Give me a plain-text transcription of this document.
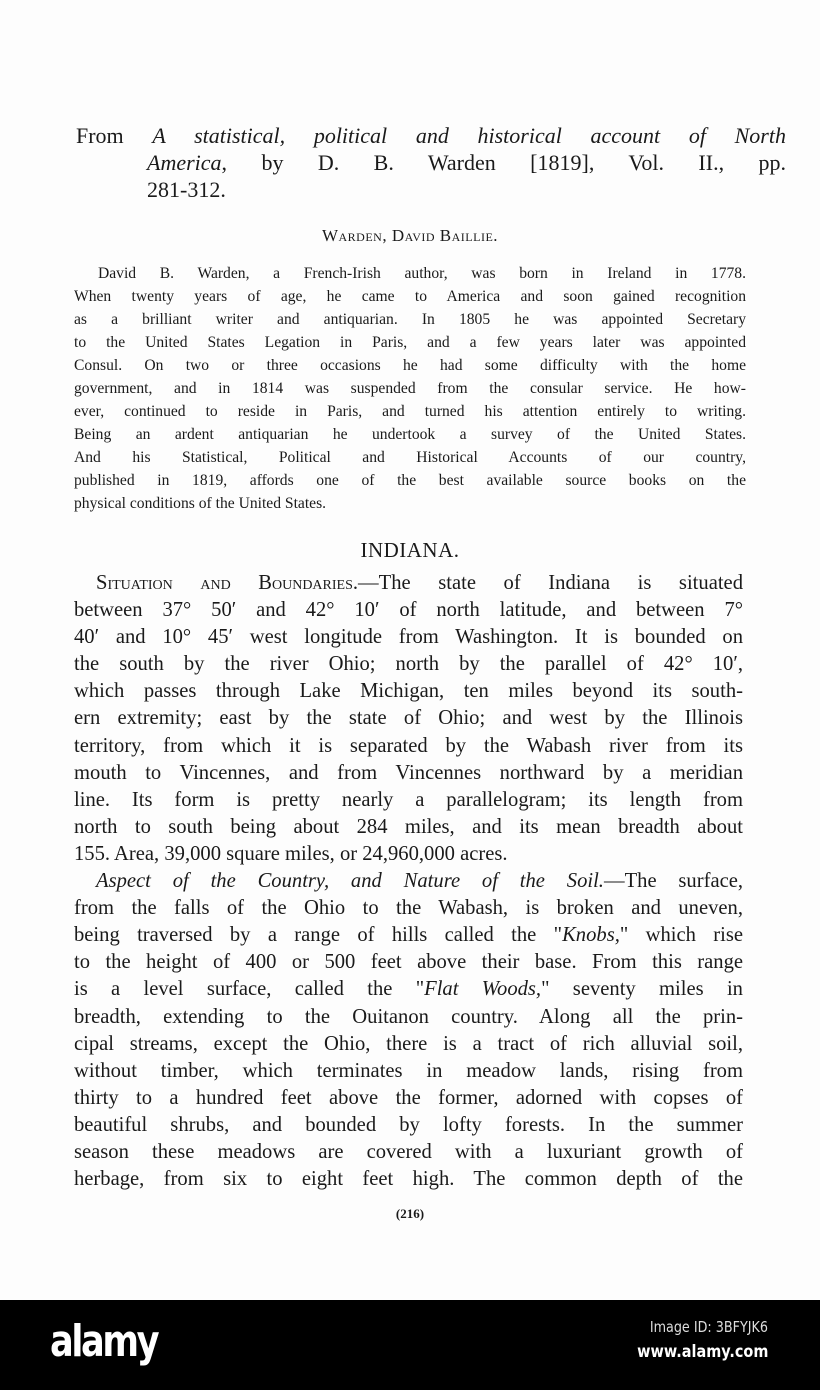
From A statistical, political and historical account of North
America, by D. B. Warden [1819], Vol. II., pp.
281-312.
Warden, David Baillie.
David B. Warden, a French-Irish author, was born in Ireland in 1778.
When twenty years of age, he came to America and soon gained recognition
as a brilliant writer and antiquarian. In 1805 he was appointed Secretary
to the United States Legation in Paris, and a few years later was appointed
Consul. On two or three occasions he had some difficulty with the home
government, and in 1814 was suspended from the consular service. He how-
ever, continued to reside in Paris, and turned his attention entirely to writing.
Being an ardent antiquarian he undertook a survey of the United States.
And his Statistical, Political and Historical Accounts of our country,
published in 1819, affords one of the best available source books on the
physical conditions of the United States.
INDIANA.
Situation and Boundaries.—The state of Indiana is situated
between 37° 50′ and 42° 10′ of north latitude, and between 7°
40′ and 10° 45′ west longitude from Washington. It is bounded on
the south by the river Ohio; north by the parallel of 42° 10′,
which passes through Lake Michigan, ten miles beyond its south-
ern extremity; east by the state of Ohio; and west by the Illinois
territory, from which it is separated by the Wabash river from its
mouth to Vincennes, and from Vincennes northward by a meridian
line. Its form is pretty nearly a parallelogram; its length from
north to south being about 284 miles, and its mean breadth about
155. Area, 39,000 square miles, or 24,960,000 acres.
Aspect of the Country, and Nature of the Soil.—The surface,
from the falls of the Ohio to the Wabash, is broken and uneven,
being traversed by a range of hills called the "Knobs," which rise
to the height of 400 or 500 feet above their base. From this range
is a level surface, called the "Flat Woods," seventy miles in
breadth, extending to the Ouitanon country. Along all the prin-
cipal streams, except the Ohio, there is a tract of rich alluvial soil,
without timber, which terminates in meadow lands, rising from
thirty to a hundred feet above the former, adorned with copses of
beautiful shrubs, and bounded by lofty forests. In the summer
season these meadows are covered with a luxuriant growth of
herbage, from six to eight feet high. The common depth of the
(216)
alamy	Image ID: 3BFYJK6
www.alamy.com
